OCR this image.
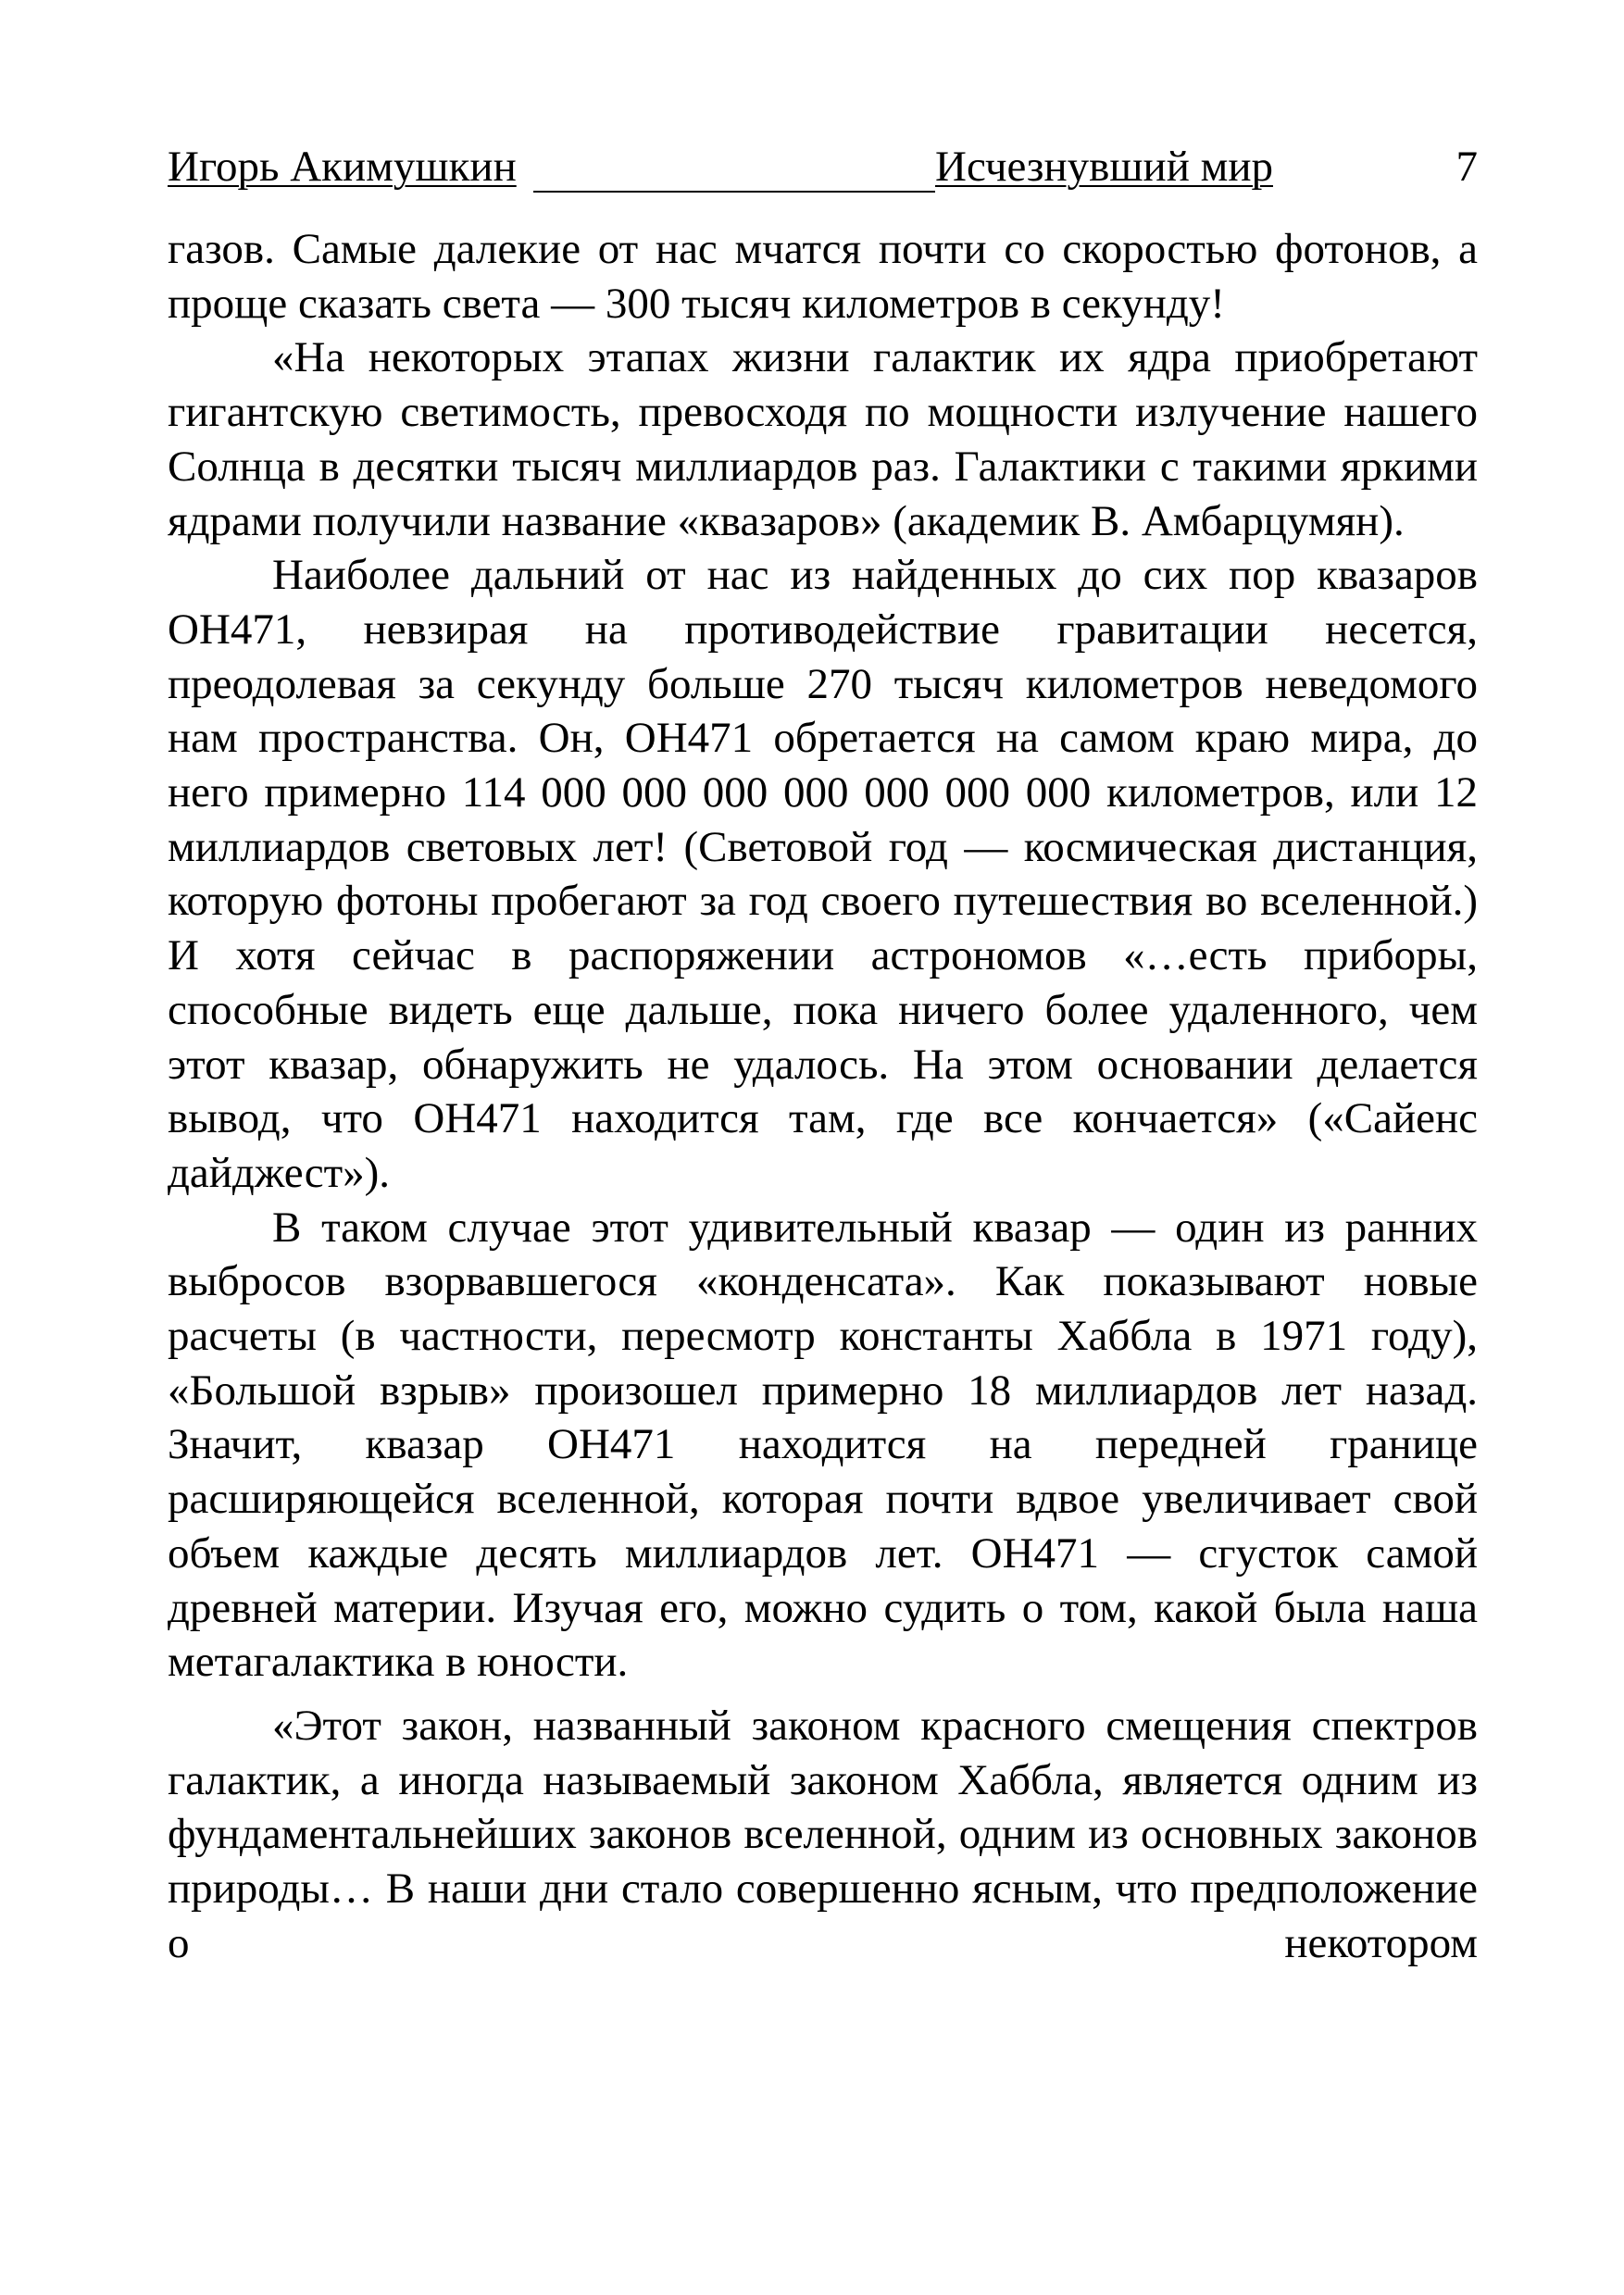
Игорь Акимушкин	Исчезнувший мир	7

газов. Самые далекие от нас мчатся почти со скоростью фотонов, а проще сказать света — 300 тысяч километров в секунду!

«На некоторых этапах жизни галактик их ядра приобретают гигантскую светимость, превосходя по мощности излучение нашего Солнца в десятки тысяч миллиардов раз. Галактики с такими яркими ядрами получили название «квазаров» (академик В. Амбарцумян).

Наиболее дальний от нас из найденных до сих пор квазаров ОН471, невзирая на противодействие гравитации несется, преодолевая за секунду больше 270 тысяч километров неведомого нам пространства. Он, ОН471 обретается на самом краю мира, до него примерно 114 000 000 000 000 000 000 000 километров, или 12 миллиардов световых лет! (Световой год — космическая дистанция, которую фотоны пробегают за год своего путешествия во вселенной.) И хотя сейчас в распоряжении астрономов «…есть приборы, способные видеть еще дальше, пока ничего более удаленного, чем этот квазар, обнаружить не удалось. На этом основании делается вывод, что ОН471 находится там, где все кончается» («Сайенс дайджест»).

В таком случае этот удивительный квазар — один из ранних выбросов взорвавшегося «конденсата». Как показывают новые расчеты (в частности, пересмотр константы Хаббла в 1971 году), «Большой взрыв» произошел примерно 18 миллиардов лет назад. Значит, квазар ОН471 находится на передней границе расширяющейся вселенной, которая почти вдвое увеличивает свой объем каждые десять миллиардов лет. ОН471 — сгусток самой древней материи. Изучая его, можно судить о том, какой была наша метагалактика в юности.

«Этот закон, названный законом красного смещения спектров галактик, а иногда называемый законом Хаббла, является одним из фундаментальнейших законов вселенной, одним из основных законов природы… В наши дни стало совершенно ясным, что предположение о некотором
